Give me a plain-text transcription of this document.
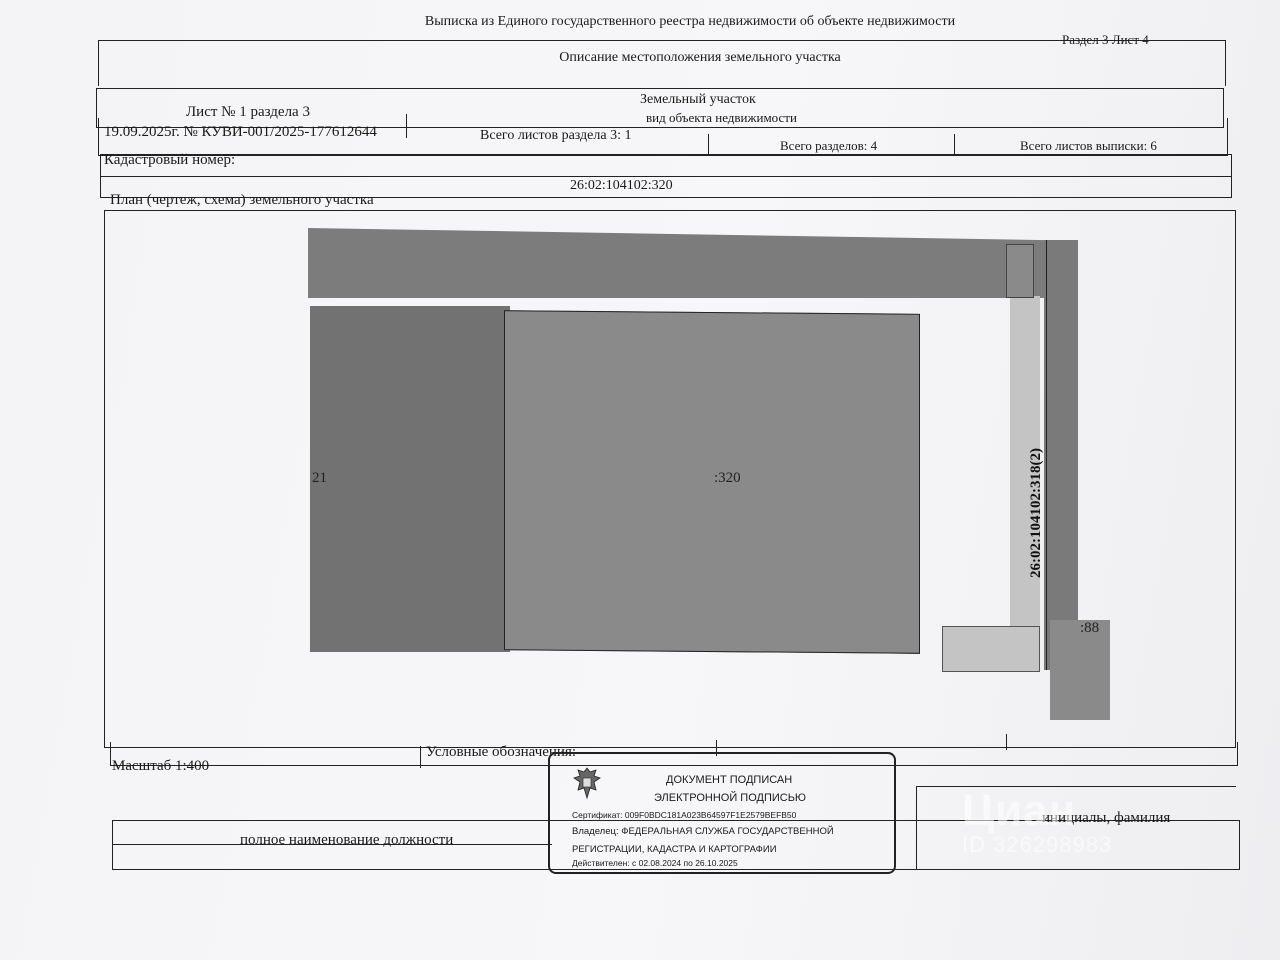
Выписка из Единого государственного реестра недвижимости об объекте недвижимости
Раздел 3 Лист 4
Описание местоположения земельного участка
Земельный участок
вид объекта недвижимости
Лист № 1 раздела 3
Всего листов раздела 3: 1
Всего разделов: 4	Всего листов выписки: 6
19.09.2025г. № КУВИ-001/2025-177612644
Кадастровый номер:
26:02:104102:320
План (чертеж, схема) земельного участка
21	:320
:88
26:02:104102:318(2)
Масштаб 1:400
Условные обозначения:
полное наименование должности
инициалы, фамилия
ДОКУМЕНТ ПОДПИСАН
ЭЛЕКТРОННОЙ ПОДПИСЬЮ
Сертификат: 009F0BDC181A023B64597F1E2579BEFB50
Владелец: ФЕДЕРАЛЬНАЯ СЛУЖБА ГОСУДАРСТВЕННОЙ
РЕГИСТРАЦИИ, КАДАСТРА И КАРТОГРАФИИ
Действителен: с 02.08.2024 по 26.10.2025
Циан
ID 326298983
